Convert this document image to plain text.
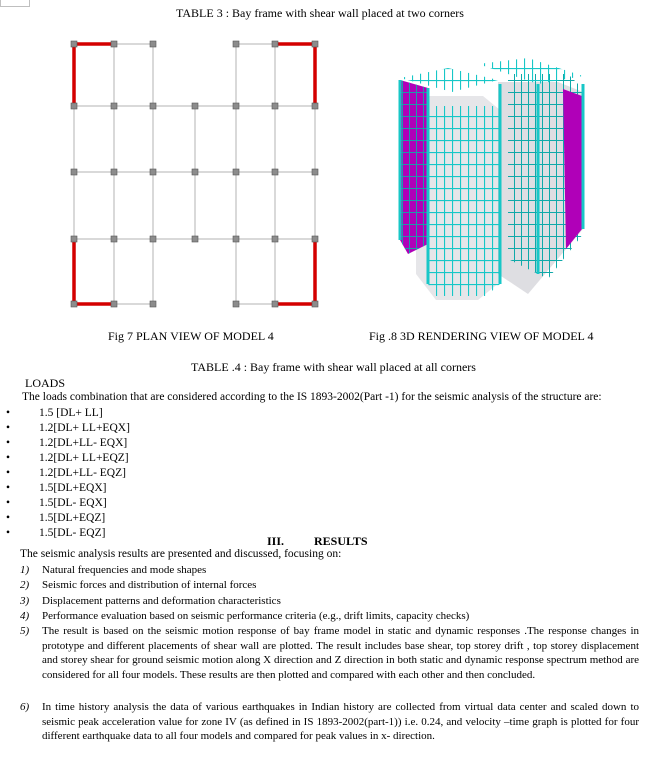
TABLE 3 : Bay frame with shear wall placed at two corners
Fig 7 PLAN VIEW OF MODEL 4	Fig .8 3D RENDERING VIEW OF MODEL 4
TABLE .4 : Bay frame with shear wall placed at all corners
LOADS
The loads combination that are considered according to the IS 1893-2002(Part -1) for the seismic analysis of the structure are:
•	1.5 [DL+ LL]
•	1.2[DL+ LL+EQX]
•	1.2[DL+LL- EQX]
•	1.2[DL+ LL+EQZ]
•	1.2[DL+LL- EQZ]
•	1.5[DL+EQX]
•	1.5[DL- EQX]
•	1.5[DL+EQZ]
•	1.5[DL- EQZ]
III.	RESULTS
The seismic analysis results are presented and discussed, focusing on:
1) Natural frequencies and mode shapes
2) Seismic forces and distribution of internal forces
3) Displacement patterns and deformation characteristics
4) Performance evaluation based on seismic performance criteria (e.g., drift limits, capacity checks)
5) The result is based on the seismic motion response of bay frame model in static and dynamic responses .The response changes in prototype and different placements of shear wall are plotted. The result includes base shear, top storey drift , top storey displacement and storey shear for ground seismic motion along X direction and Z direction in both static and dynamic response spectrum method are considered for all four models. These results are then plotted and compared with each other and then concluded.
6) In time history analysis the data of various earthquakes in Indian history are collected from virtual data center and scaled down to seismic peak acceleration value for zone IV (as defined in IS 1893-2002(part-1)) i.e. 0.24, and velocity –time graph is plotted for four different earthquake data to all four models and compared for peak values in x- direction.
